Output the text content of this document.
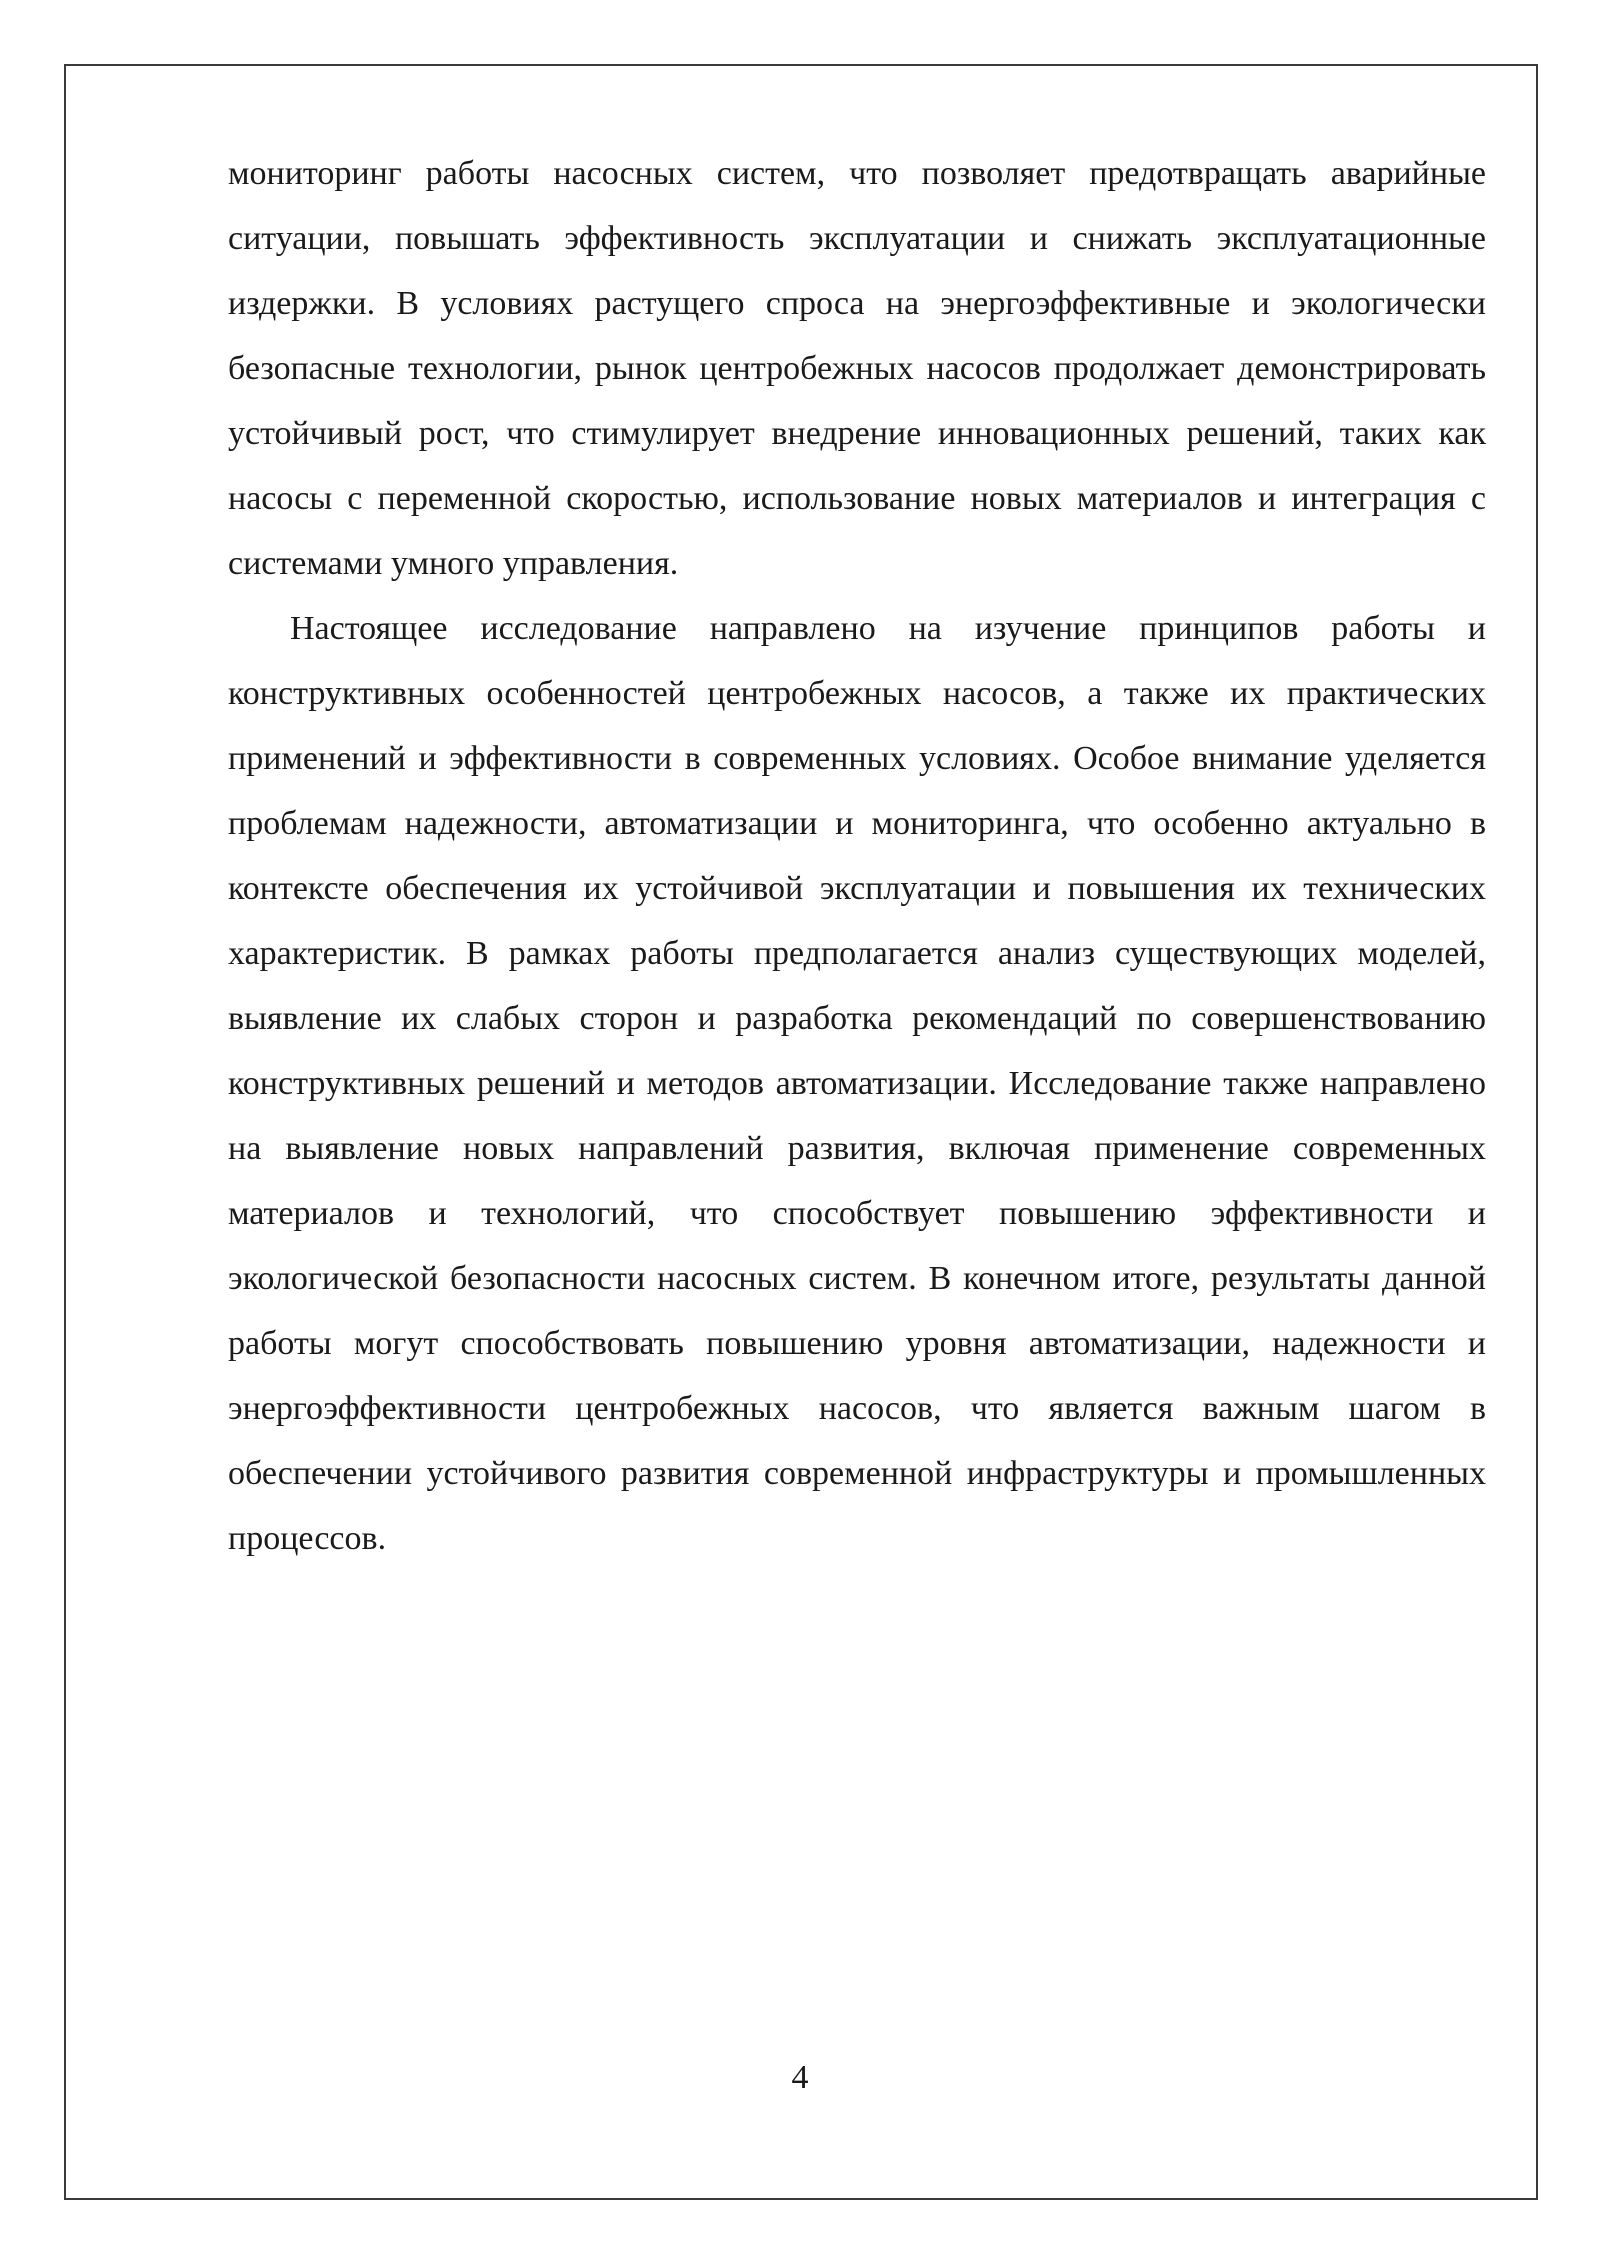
мониторинг работы насосных систем, что позволяет предотвращать аварийные ситуации, повышать эффективность эксплуатации и снижать эксплуатационные издержки. В условиях растущего спроса на энергоэффективные и экологически безопасные технологии, рынок центробежных насосов продолжает демонстрировать устойчивый рост, что стимулирует внедрение инновационных решений, таких как насосы с переменной скоростью, использование новых материалов и интеграция с системами умного управления.

Настоящее исследование направлено на изучение принципов работы и конструктивных особенностей центробежных насосов, а также их практических применений и эффективности в современных условиях. Особое внимание уделяется проблемам надежности, автоматизации и мониторинга, что особенно актуально в контексте обеспечения их устойчивой эксплуатации и повышения их технических характеристик. В рамках работы предполагается анализ существующих моделей, выявление их слабых сторон и разработка рекомендаций по совершенствованию конструктивных решений и методов автоматизации. Исследование также направлено на выявление новых направлений развития, включая применение современных материалов и технологий, что способствует повышению эффективности и экологической безопасности насосных систем. В конечном итоге, результаты данной работы могут способствовать повышению уровня автоматизации, надежности и энергоэффективности центробежных насосов, что является важным шагом в обеспечении устойчивого развития современной инфраструктуры и промышленных процессов.

4
